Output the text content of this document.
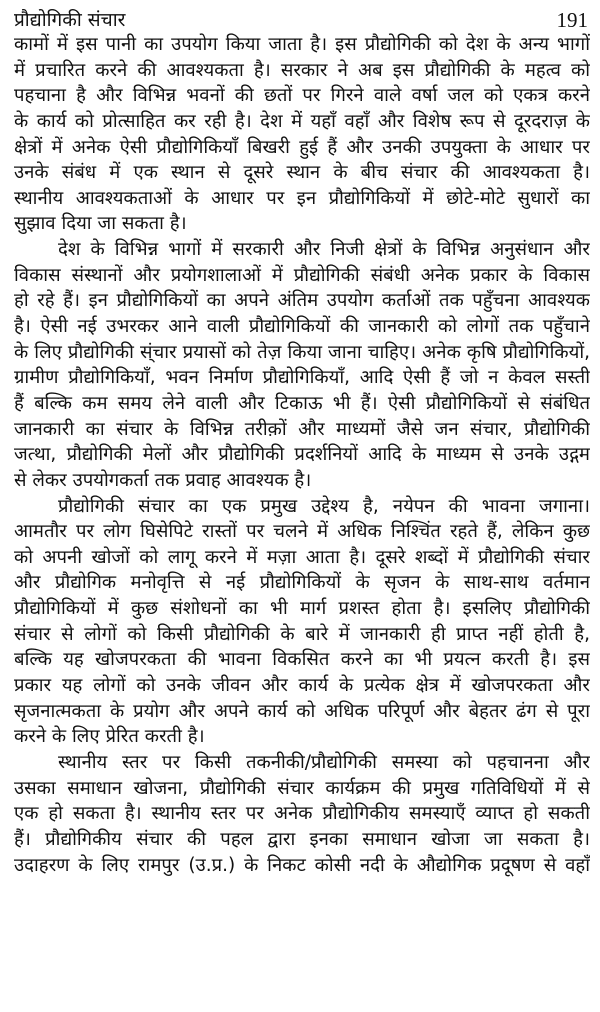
प्रौद्योगिकी संचार	191
कामों में इस पानी का उपयोग किया जाता है। इस प्रौद्योगिकी को देश के अन्य भागों
में प्रचारित करने की आवश्यकता है। सरकार ने अब इस प्रौद्योगिकी के महत्व को
पहचाना है और विभिन्न भवनों की छतों पर गिरने वाले वर्षा जल को एकत्र करने
के कार्य को प्रोत्साहित कर रही है। देश में यहाँ वहाँ और विशेष रूप से दूरदराज़ के
क्षेत्रों में अनेक ऐसी प्रौद्योगिकियाँ बिखरी हुई हैं और उनकी उपयुक्ता के आधार पर
उनके संबंध में एक स्थान से दूसरे स्थान के बीच संचार की आवश्यकता है।
स्थानीय आवश्यकताओं के आधार पर इन प्रौद्योगिकियों में छोटे-मोटे सुधारों का
सुझाव दिया जा सकता है।
देश के विभिन्न भागों में सरकारी और निजी क्षेत्रों के विभिन्न अनुसंधान और
विकास संस्थानों और प्रयोगशालाओं में प्रौद्योगिकी संबंधी अनेक प्रकार के विकास
हो रहे हैं। इन प्रौद्योगिकियों का अपने अंतिम उपयोग कर्ताओं तक पहुँचना आवश्यक
है। ऐसी नई उभरकर आने वाली प्रौद्योगिकियों की जानकारी को लोगों तक पहुँचाने
के लिए प्रौद्योगिकी स्ंचार प्रयासों को तेज़ किया जाना चाहिए। अनेक कृषि प्रौद्योगिकियों,
ग्रामीण प्रौद्योगिकियाँ, भवन निर्माण प्रौद्योगिकियाँ, आदि ऐसी हैं जो न केवल सस्ती
हैं बल्कि कम समय लेने वाली और टिकाऊ भी हैं। ऐसी प्रौद्योगिकियों से संबंधित
जानकारी का संचार के विभिन्न तरीक़ों और माध्यमों जैसे जन संचार, प्रौद्योगिकी
जत्था, प्रौद्योगिकी मेलों और प्रौद्योगिकी प्रदर्शनियों आदि के माध्यम से उनके उद्गम
से लेकर उपयोगकर्ता तक प्रवाह आवश्यक है।
प्रौद्योगिकी संचार का एक प्रमुख उद्देश्य है, नयेपन की भावना जगाना।
आमतौर पर लोग घिसेपिटे रास्तों पर चलने में अधिक निश्चिंत रहते हैं, लेकिन कुछ
को अपनी खोजों को लागू करने में मज़ा आता है। दूसरे शब्दों में प्रौद्योगिकी संचार
और प्रौद्योगिक मनोवृत्ति से नई प्रौद्योगिकियों के सृजन के साथ-साथ वर्तमान
प्रौद्योगिकियों में कुछ संशोधनों का भी मार्ग प्रशस्त होता है। इसलिए प्रौद्योगिकी
संचार से लोगों को किसी प्रौद्योगिकी के बारे में जानकारी ही प्राप्त नहीं होती है,
बल्कि यह खोजपरकता की भावना विकसित करने का भी प्रयत्न करती है। इस
प्रकार यह लोगों को उनके जीवन और कार्य के प्रत्येक क्षेत्र में खोजपरकता और
सृजनात्मकता के प्रयोग और अपने कार्य को अधिक परिपूर्ण और बेहतर ढंग से पूरा
करने के लिए प्रेरित करती है।
स्थानीय स्तर पर किसी तकनीकी/प्रौद्योगिकी समस्या को पहचानना और
उसका समाधान खोजना, प्रौद्योगिकी संचार कार्यक्रम की प्रमुख गतिविधियों में से
एक हो सकता है। स्थानीय स्तर पर अनेक प्रौद्योगिकीय समस्याएँ व्याप्त हो सकती
हैं। प्रौद्योगिकीय संचार की पहल द्वारा इनका समाधान खोजा जा सकता है।
उदाहरण के लिए रामपुर (उ.प्र.) के निकट कोसी नदी के औद्योगिक प्रदूषण से वहाँ
